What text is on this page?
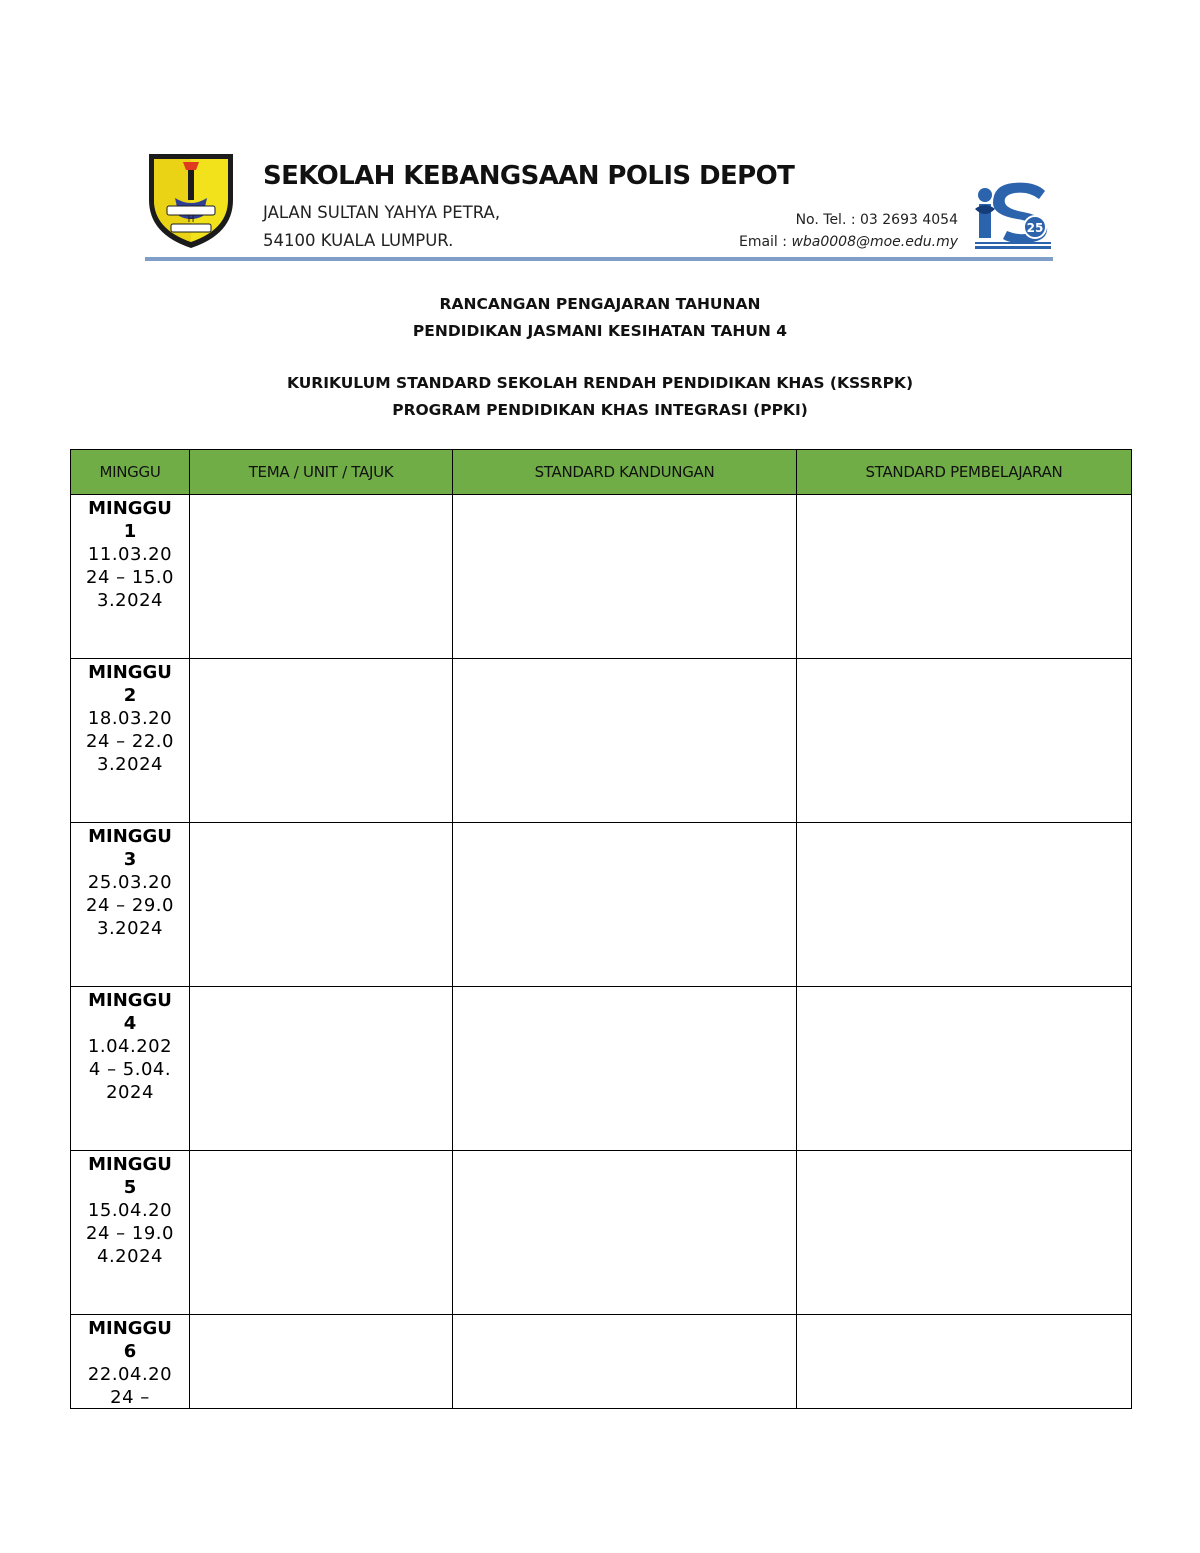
H
SEKOLAH KEBANGSAAN POLIS DEPOT
JALAN SULTAN YAHYA PETRA,
54100 KUALA LUMPUR.
No. Tel. : 03 2693 4054
Email : wba0008@moe.edu.my
25
RANCANGAN PENGAJARAN TAHUNAN
PENDIDIKAN JASMANI KESIHATAN TAHUN 4
KURIKULUM STANDARD SEKOLAH RENDAH PENDIDIKAN KHAS (KSSRPK)
PROGRAM PENDIDIKAN KHAS INTEGRASI (PPKI)
MINGGU	TEMA / UNIT / TAJUK	STANDARD KANDUNGAN	STANDARD PEMBELAJARAN

MINGGU 1
11.03.2024 – 15.03.2024			

MINGGU 2
18.03.2024 – 22.03.2024			

MINGGU 3
25.03.2024 – 29.03.2024			

MINGGU 4
1.04.2024 – 5.04.2024			

MINGGU 5
15.04.2024 – 19.04.2024			

MINGGU 6
22.04.2024 –			
